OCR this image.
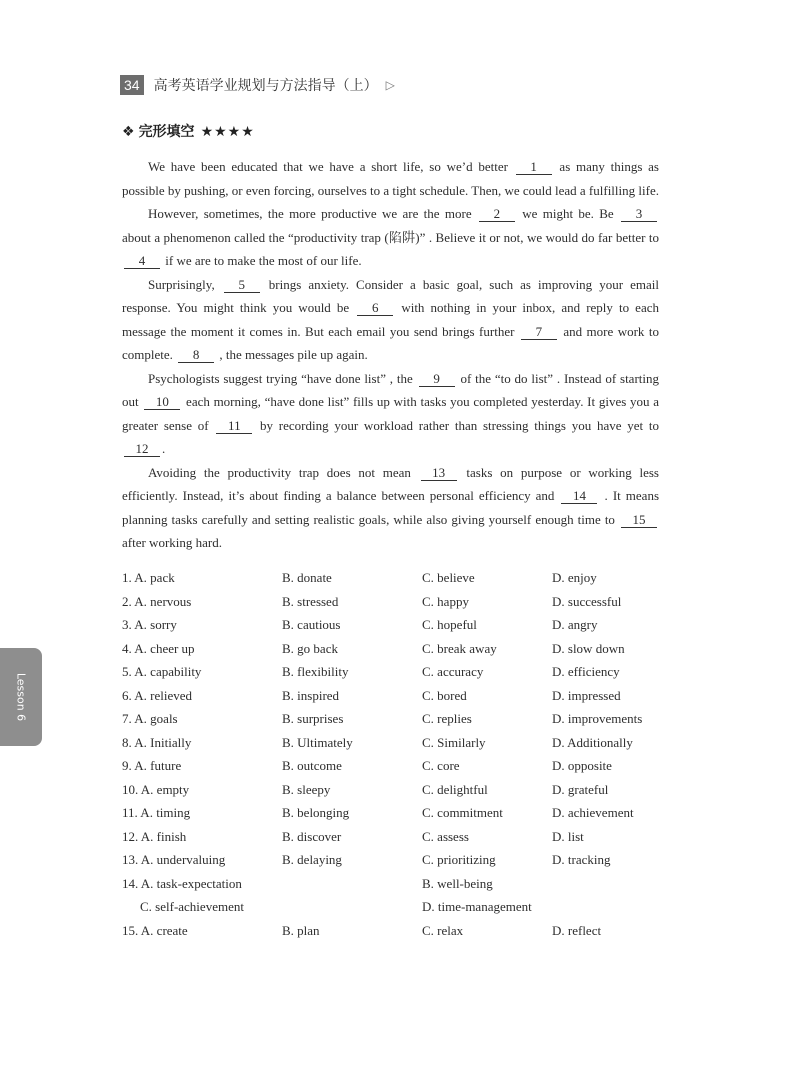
34 高考英语学业规划与方法指导（上） ▷
❖ 完形填空 ★★★★

We have been educated that we have a short life, so we’d better 1 as many things as possible by pushing, or even forcing, ourselves to a tight schedule. Then, we could lead a fulfilling life.

However, sometimes, the more productive we are the more 2 we might be. Be 3 about a phenomenon called the “productivity trap (陷阱)” . Believe it or not, we would do far better to 4 if we are to make the most of our life.

Surprisingly, 5 brings anxiety. Consider a basic goal, such as improving your email response. You might think you would be 6 with nothing in your inbox, and reply to each message the moment it comes in. But each email you send brings further 7 and more work to complete. 8 , the messages pile up again.

Psychologists suggest trying “have done list” , the 9 of the “to do list” . Instead of starting out 10 each morning, “have done list” fills up with tasks you completed yesterday. It gives you a greater sense of 11 by recording your workload rather than stressing things you have yet to 12 .

Avoiding the productivity trap does not mean 13 tasks on purpose or working less efficiently. Instead, it’s about finding a balance between personal efficiency and 14 . It means planning tasks carefully and setting realistic goals, while also giving yourself enough time to 15 after working hard.

1. A. pack	B. donate	C. believe	D. enjoy
2. A. nervous	B. stressed	C. happy	D. successful
3. A. sorry	B. cautious	C. hopeful	D. angry
4. A. cheer up	B. go back	C. break away	D. slow down
5. A. capability	B. flexibility	C. accuracy	D. efficiency
6. A. relieved	B. inspired	C. bored	D. impressed
7. A. goals	B. surprises	C. replies	D. improvements
8. A. Initially	B. Ultimately	C. Similarly	D. Additionally
9. A. future	B. outcome	C. core	D. opposite
10. A. empty	B. sleepy	C. delightful	D. grateful
11. A. timing	B. belonging	C. commitment	D. achievement
12. A. finish	B. discover	C. assess	D. list
13. A. undervaluing	B. delaying	C. prioritizing	D. tracking
14. A. task-expectation	B. well-being
C. self-achievement	D. time-management
15. A. create	B. plan	C. relax	D. reflect
Lesson 6
